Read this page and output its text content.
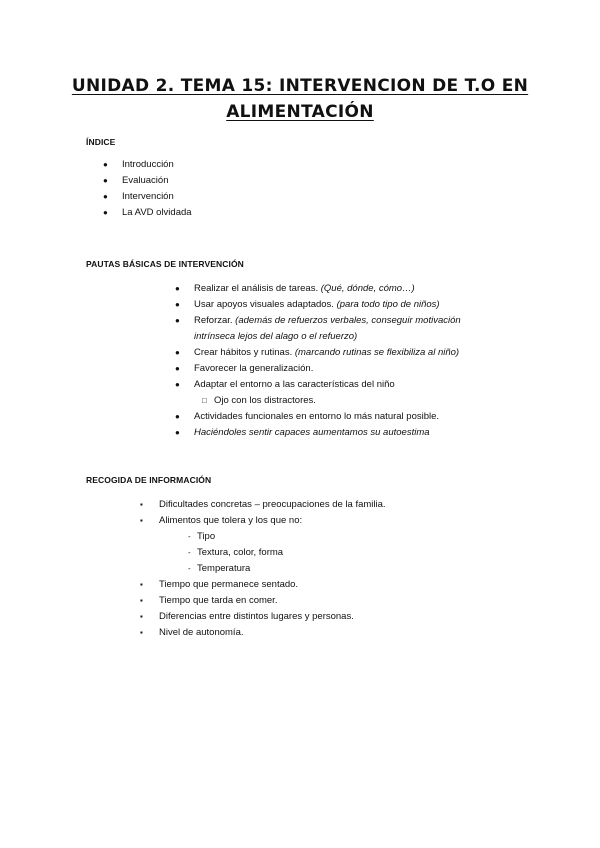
UNIDAD 2. TEMA 15: INTERVENCION DE T.O EN
ALIMENTACIÓN
ÍNDICE
● Introducción
● Evaluación
● Intervención
● La AVD olvidada
PAUTAS BÁSICAS DE INTERVENCIÓN
● Realizar el análisis de tareas. (Qué, dónde, cómo…)
● Usar apoyos visuales adaptados. (para todo tipo de niños)
● Reforzar. (además de refuerzos verbales, conseguir motivación
intrínseca lejos del alago o el refuerzo)
● Crear hábitos y rutinas. (marcando rutinas se flexibiliza al niño)
● Favorecer la generalización.
● Adaptar el entorno a las características del niño
□ Ojo con los distractores.
● Actividades funcionales en entorno lo más natural posible.
● Haciéndoles sentir capaces aumentamos su autoestima
RECOGIDA DE INFORMACIÓN
▪ Dificultades concretas – preocupaciones de la familia.
▪ Alimentos que tolera y los que no:
- Tipo
- Textura, color, forma
- Temperatura
▪ Tiempo que permanece sentado.
▪ Tiempo que tarda en comer.
▪ Diferencias entre distintos lugares y personas.
▪ Nivel de autonomía.
